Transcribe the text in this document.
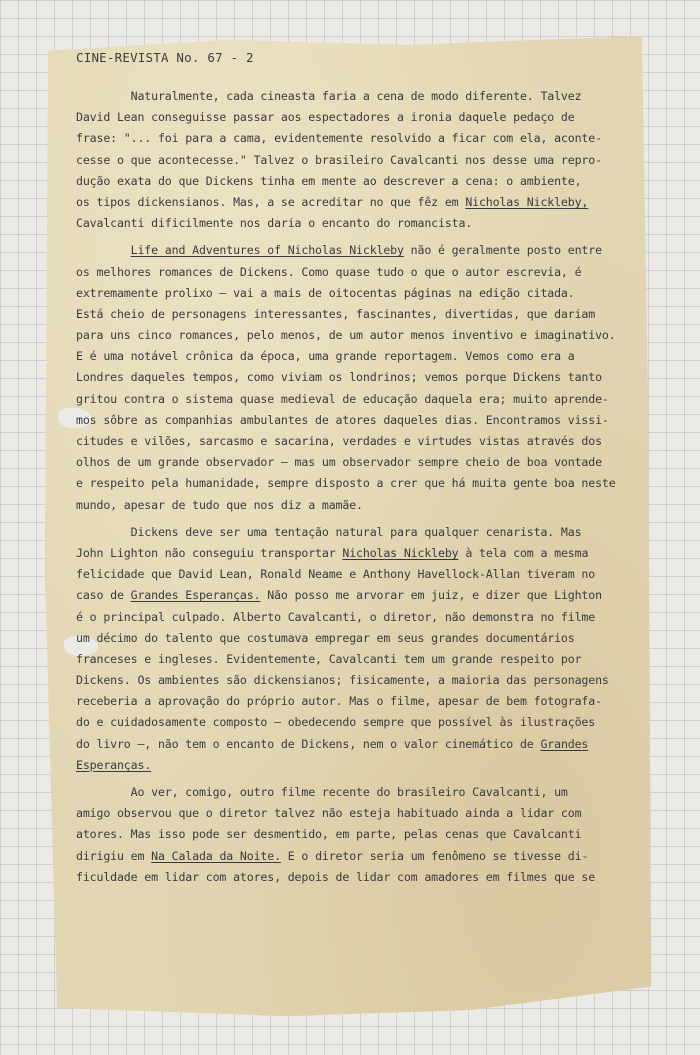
CINE-REVISTA No. 67 - 2
Naturalmente, cada cineasta faria a cena de modo diferente. Talvez
David Lean conseguisse passar aos espectadores a ironia daquele pedaço de
frase: "... foi para a cama, evidentemente resolvido a ficar com ela, aconte-
cesse o que acontecesse." Talvez o brasileiro Cavalcanti nos desse uma repro-
dução exata do que Dickens tinha em mente ao descrever a cena: o ambiente,
os tipos dickensianos. Mas, a se acreditar no que fêz em Nicholas Nickleby,
Cavalcanti dificilmente nos daria o encanto do romancista.
Life and Adventures of Nicholas Nickleby não é geralmente posto entre
os melhores romances de Dickens. Como quase tudo o que o autor escrevia, é
extremamente prolixo — vai a mais de oitocentas páginas na edição citada.
Está cheio de personagens interessantes, fascinantes, divertidas, que dariam
para uns cinco romances, pelo menos, de um autor menos inventivo e imaginativo.
E é uma notável crônica da época, uma grande reportagem. Vemos como era a
Londres daqueles tempos, como viviam os londrinos; vemos porque Dickens tanto
gritou contra o sistema quase medieval de educação daquela era; muito aprende-
mos sôbre as companhias ambulantes de atores daqueles dias. Encontramos vissi-
citudes e vilões, sarcasmo e sacarina, verdades e virtudes vistas através dos
olhos de um grande observador — mas um observador sempre cheio de boa vontade
e respeito pela humanidade, sempre disposto a crer que há muita gente boa neste
mundo, apesar de tudo que nos diz a mamãe.
Dickens deve ser uma tentação natural para qualquer cenarista. Mas
John Lighton não conseguiu transportar Nicholas Nickleby à tela com a mesma
felicidade que David Lean, Ronald Neame e Anthony Havellock-Allan tiveram no
caso de Grandes Esperanças. Não posso me arvorar em juiz, e dizer que Lighton
é o principal culpado. Alberto Cavalcanti, o diretor, não demonstra no filme
um décimo do talento que costumava empregar em seus grandes documentários
franceses e ingleses. Evidentemente, Cavalcanti tem um grande respeito por
Dickens. Os ambientes são dickensianos; fisicamente, a maioria das personagens
receberia a aprovação do próprio autor. Mas o filme, apesar de bem fotografa-
do e cuidadosamente composto — obedecendo sempre que possível às ilustrações
do livro —, não tem o encanto de Dickens, nem o valor cinemático de Grandes
Esperanças.
Ao ver, comigo, outro filme recente do brasileiro Cavalcanti, um
amigo observou que o diretor talvez não esteja habituado ainda a lidar com
atores. Mas isso pode ser desmentido, em parte, pelas cenas que Cavalcanti
dirigiu em Na Calada da Noite. E o diretor seria um fenômeno se tivesse di-
ficuldade em lidar com atores, depois de lidar com amadores em filmes que se
